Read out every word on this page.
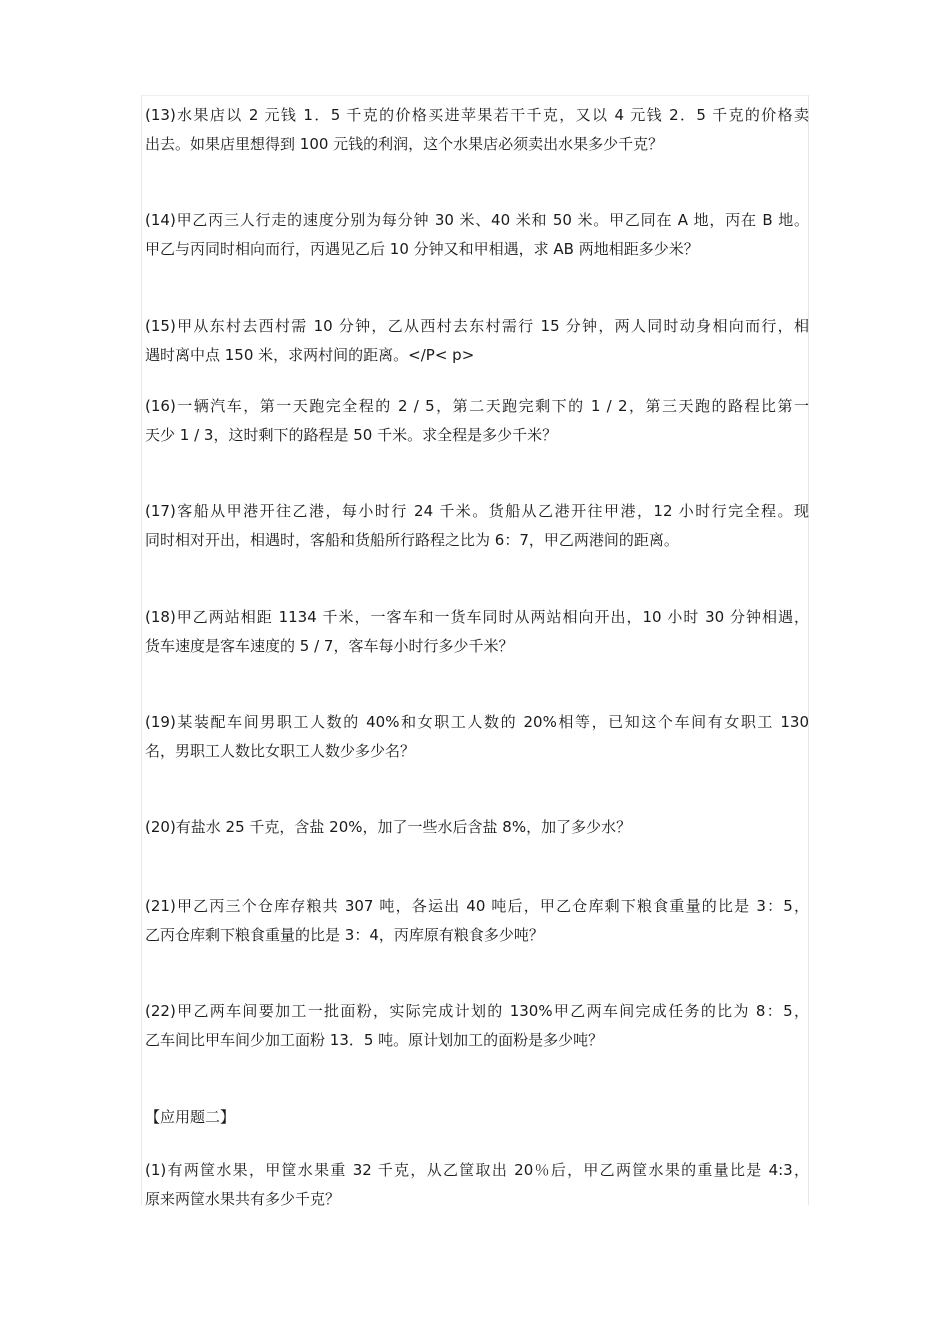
(13)水果店以 2 元钱 1．5 千克的价格买进苹果若干千克，又以 4 元钱 2．5 千克的价格卖
出去。如果店里想得到 100 元钱的利润，这个水果店必须卖出水果多少千克？
(14)甲乙丙三人行走的速度分别为每分钟 30 米、40 米和 50 米。甲乙同在 A 地，丙在 B 地。
甲乙与丙同时相向而行，丙遇见乙后 10 分钟又和甲相遇，求 AB 两地相距多少米？
(15)甲从东村去西村需 10 分钟，乙从西村去东村需行 15 分钟，两人同时动身相向而行，相
遇时离中点 150 米，求两村间的距离。</P< p>
(16)一辆汽车，第一天跑完全程的 2 / 5，第二天跑完剩下的 1 / 2，第三天跑的路程比第一
天少 1 / 3，这时剩下的路程是 50 千米。求全程是多少千米？
(17)客船从甲港开往乙港，每小时行 24 千米。货船从乙港开往甲港，12 小时行完全程。现
同时相对开出，相遇时，客船和货船所行路程之比为 6：7，甲乙两港间的距离。
(18)甲乙两站相距 1134 千米，一客车和一货车同时从两站相向开出，10 小时 30 分钟相遇，
货车速度是客车速度的 5 / 7，客车每小时行多少千米？
(19)某装配车间男职工人数的 40%和女职工人数的 20%相等，已知这个车间有女职工 130
名，男职工人数比女职工人数少多少名？
(20)有盐水 25 千克，含盐 20%，加了一些水后含盐 8%，加了多少水？
(21)甲乙丙三个仓库存粮共 307 吨，各运出 40 吨后，甲乙仓库剩下粮食重量的比是 3：5，
乙丙仓库剩下粮食重量的比是 3：4，丙库原有粮食多少吨？
(22)甲乙两车间要加工一批面粉，实际完成计划的 130%甲乙两车间完成任务的比为 8：5，
乙车间比甲车间少加工面粉 13．5 吨。原计划加工的面粉是多少吨？
【应用题二】
(1)有两筐水果，甲筐水果重 32 千克，从乙筐取出 20％后，甲乙两筐水果的重量比是 4:3，
原来两筐水果共有多少千克？
